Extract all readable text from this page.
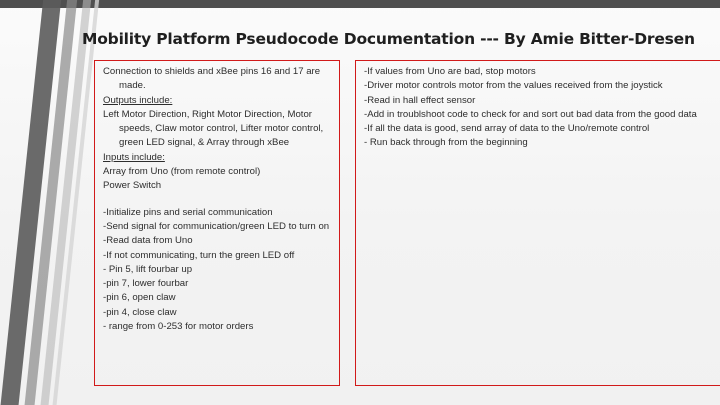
Mobility Platform Pseudocode Documentation --- By Amie Bitter-Dresen

Connection to shields and xBee pins 16 and 17 are made.

Outputs include:

Left Motor Direction, Right Motor Direction, Motor speeds, Claw motor control, Lifter motor control, green LED signal, & Array through xBee

Inputs include:

Array from Uno (from remote control)

Power Switch

-Initialize pins and serial communication

-Send signal for communication/green LED to turn on

-Read data from Uno

-If not communicating, turn the green LED off

- Pin 5, lift fourbar up

-pin 7, lower fourbar

-pin 6, open claw

-pin 4, close claw

- range from 0-253 for motor orders

-If values from Uno are bad, stop motors

-Driver motor controls motor from the values received from the joystick

-Read in hall effect sensor

-Add in troublshoot code to check for and sort out bad data from the good data

-If all the data is good, send array of data to the Uno/remote control

- Run back through from the beginning
